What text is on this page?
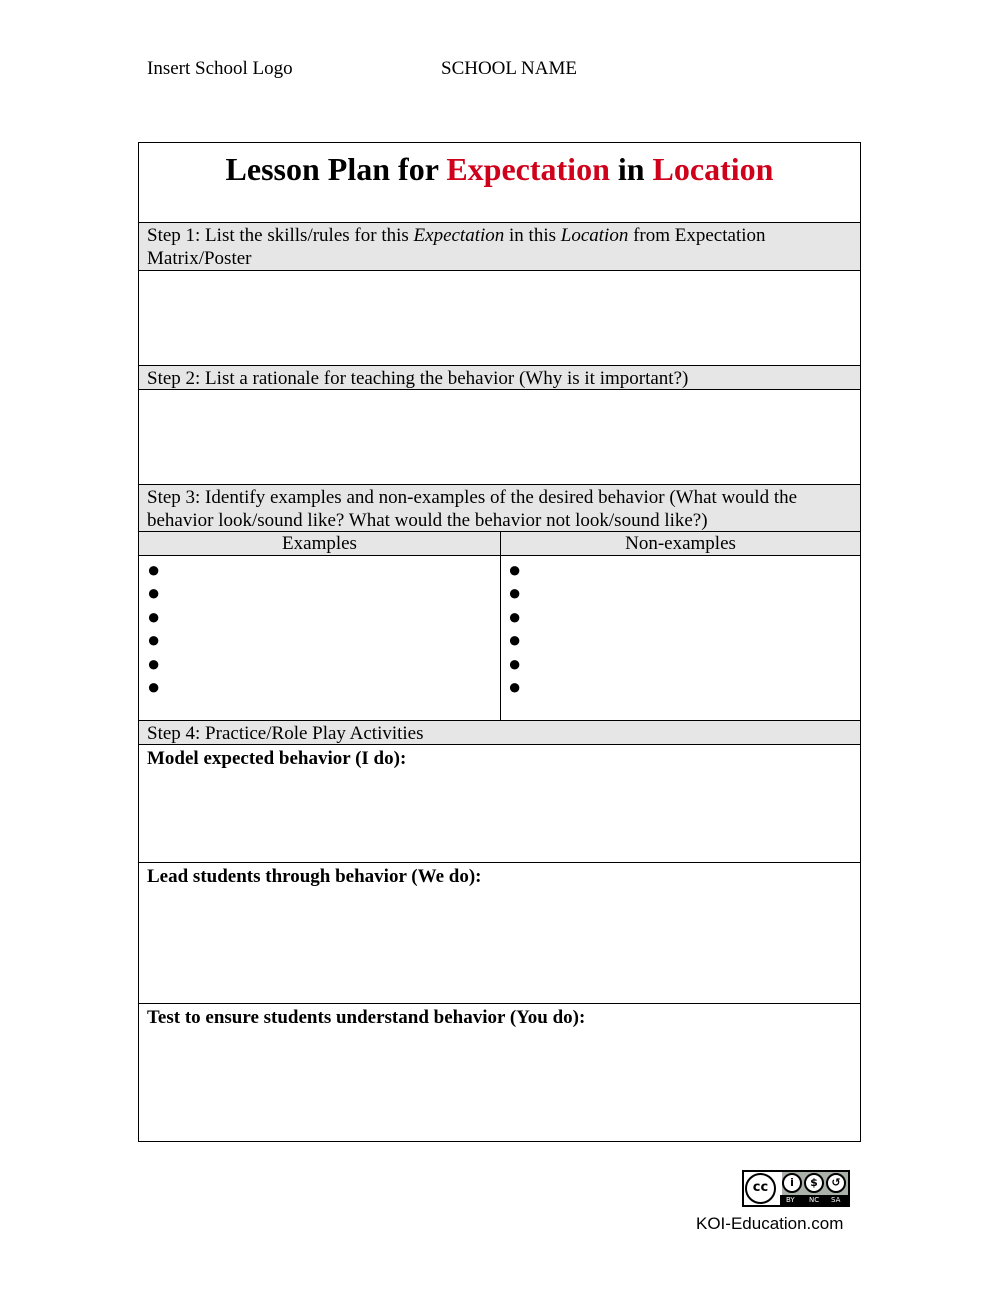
Insert School Logo	SCHOOL NAME
Lesson Plan for Expectation in Location
Step 1: List the skills/rules for this Expectation in this Location from Expectation Matrix/Poster
Step 2: List a rationale for teaching the behavior (Why is it important?)
Step 3: Identify examples and non-examples of the desired behavior (What would the behavior look/sound like? What would the behavior not look/sound like?)
Examples	Non-examples
●
●
●
●
●
●
●
●
●
●
●
●
Step 4: Practice/Role Play Activities
Model expected behavior (I do):
Lead students through behavior (We do):
Test to ensure students understand behavior (You do):
cc	i	$	↺
BY NC SA
KOI-Education.com
